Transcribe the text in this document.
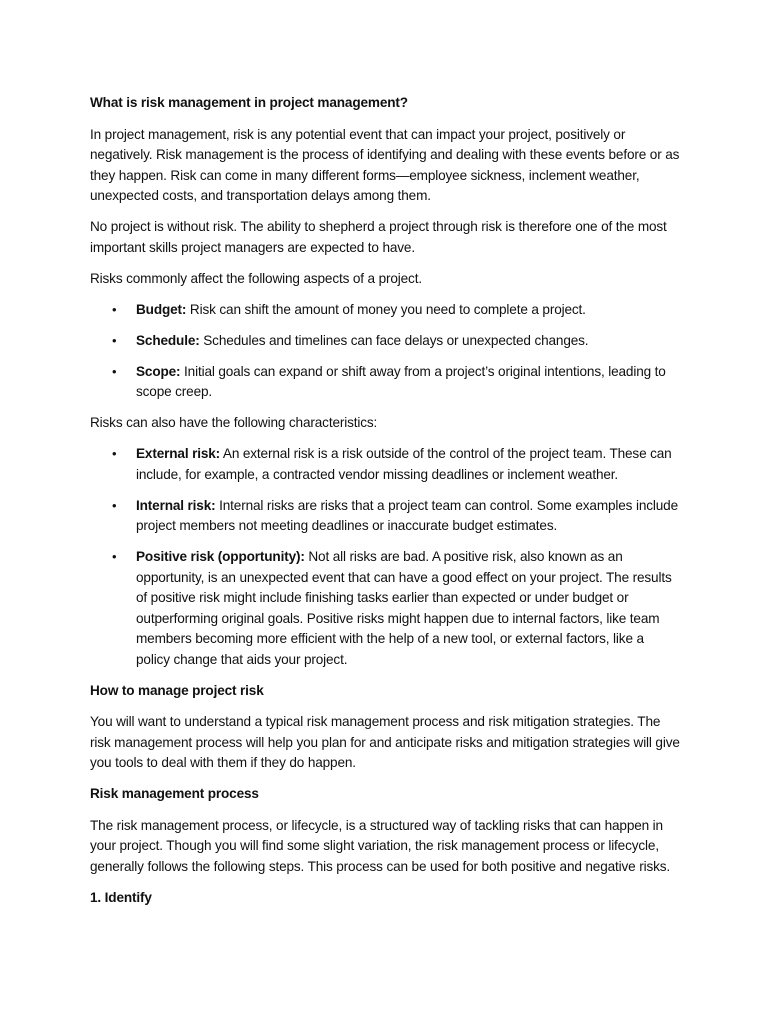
What is risk management in project management?

In project management, risk is any potential event that can impact your project, positively or negatively. Risk management is the process of identifying and dealing with these events before or as they happen. Risk can come in many different forms—employee sickness, inclement weather, unexpected costs, and transportation delays among them.

No project is without risk. The ability to shepherd a project through risk is therefore one of the most important skills project managers are expected to have.

Risks commonly affect the following aspects of a project.

• Budget: Risk can shift the amount of money you need to complete a project.
• Schedule: Schedules and timelines can face delays or unexpected changes.
• Scope: Initial goals can expand or shift away from a project’s original intentions, leading to scope creep.

Risks can also have the following characteristics:

• External risk: An external risk is a risk outside of the control of the project team. These can include, for example, a contracted vendor missing deadlines or inclement weather.
• Internal risk: Internal risks are risks that a project team can control. Some examples include project members not meeting deadlines or inaccurate budget estimates.
• Positive risk (opportunity): Not all risks are bad. A positive risk, also known as an opportunity, is an unexpected event that can have a good effect on your project. The results of positive risk might include finishing tasks earlier than expected or under budget or outperforming original goals. Positive risks might happen due to internal factors, like team members becoming more efficient with the help of a new tool, or external factors, like a policy change that aids your project.
How to manage project risk

You will want to understand a typical risk management process and risk mitigation strategies. The risk management process will help you plan for and anticipate risks and mitigation strategies will give you tools to deal with them if they do happen.

Risk management process

The risk management process, or lifecycle, is a structured way of tackling risks that can happen in your project. Though you will find some slight variation, the risk management process or lifecycle, generally follows the following steps. This process can be used for both positive and negative risks.

1. Identify
